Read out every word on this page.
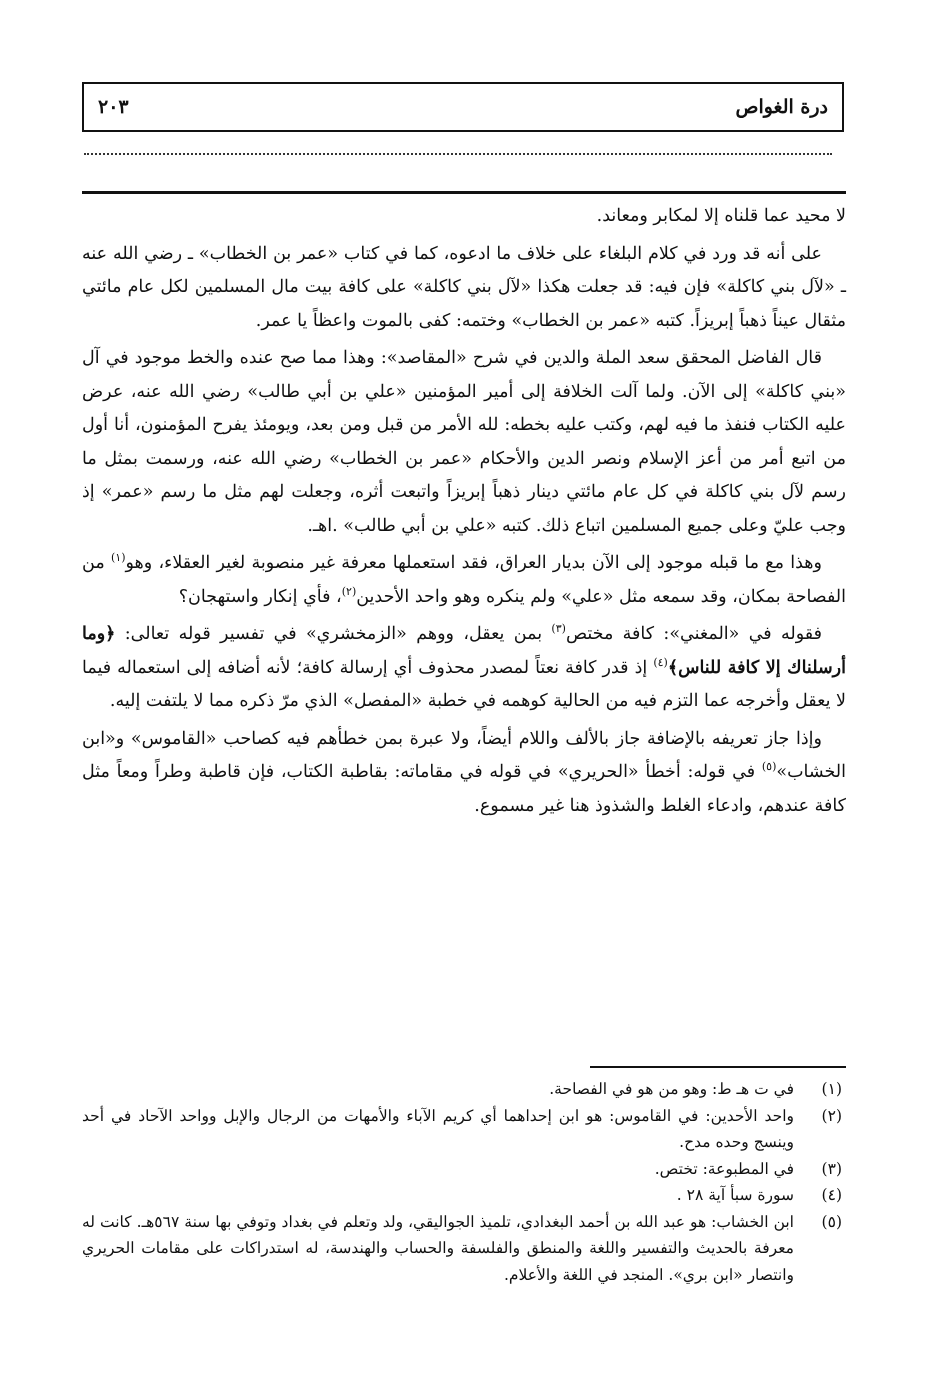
٢٠٣	درة الغواص

لا محيد عما قلناه إلا لمكابر ومعاند.

على أنه قد ورد في كلام البلغاء على خلاف ما ادعوه، كما في كتاب «عمر بن الخطاب» ـ رضي الله عنه ـ «لآل بني كاكلة» فإن فيه: قد جعلت هكذا «لآل بني كاكلة» على كافة بيت مال المسلمين لكل عام مائتي مثقال عيناً ذهباً إبريزاً. كتبه «عمر بن الخطاب» وختمه: كفى بالموت واعظاً يا عمر.

قال الفاضل المحقق سعد الملة والدين في شرح «المقاصد»: وهذا مما صح عنده والخط موجود في آل «بني كاكلة» إلى الآن. ولما آلت الخلافة إلى أمير المؤمنين «علي بن أبي طالب» رضي الله عنه، عرض عليه الكتاب فنفذ ما فيه لهم، وكتب عليه بخطه: لله الأمر من قبل ومن بعد، ويومئذ يفرح المؤمنون، أنا أول من اتبع أمر من أعز الإسلام ونصر الدين والأحكام «عمر بن الخطاب» رضي الله عنه، ورسمت بمثل ما رسم لآل بني كاكلة في كل عام مائتي دينار ذهباً إبريزاً واتبعت أثره، وجعلت لهم مثل ما رسم «عمر» إذ وجب عليّ وعلى جميع المسلمين اتباع ذلك. كتبه «علي بن أبي طالب» .اهـ.

وهذا مع ما قبله موجود إلى الآن بديار العراق، فقد استعملها معرفة غير منصوبة لغير العقلاء، وهو$^{(١)}$ من الفصاحة بمكان، وقد سمعه مثل «علي» ولم ينكره وهو واحد الأحدين$^{(٢)}$، فأي إنكار واستهجان؟

فقوله في «المغني»: كافة مختص$^{(٣)}$ بمن يعقل، ووهم «الزمخشري» في تفسير قوله تعالى: ﴿وما أرسلناك إلا كافة للناس﴾$^{(٤)}$ إذ قدر كافة نعتاً لمصدر محذوف أي إرسالة كافة؛ لأنه أضافه إلى استعماله فيما لا يعقل وأخرجه عما التزم فيه من الحالية كوهمه في خطبة «المفصل» الذي مرّ ذكره مما لا يلتفت إليه.

وإذا جاز تعريفه بالإضافة جاز بالألف واللام أيضاً، ولا عبرة بمن خطأهم فيه كصاحب «القاموس» و«ابن الخشاب»$^{(٥)}$ في قوله: أخطأ «الحريري» في قوله في مقاماته: بقاطبة الكتاب، فإن قاطبة وطراً ومعاً مثل كافة عندهم، وادعاء الغلط والشذوذ هنا غير مسموع.

(١)
في ت هـ ط: وهو من هو في الفصاحة.
(٢)
واحد الأحدين: في القاموس: هو ابن إحداهما أي كريم الآباء والأمهات من الرجال والإبل وواحد الآحاد في أحد وينسج وحده مدح.
(٣)
في المطبوعة: تختص.
(٤)
سورة سبأ آية ٢٨ .
(٥)
ابن الخشاب: هو عبد الله بن أحمد البغدادي، تلميذ الجواليقي، ولد وتعلم في بغداد وتوفي بها سنة ٥٦٧هـ. كانت له معرفة بالحديث والتفسير واللغة والمنطق والفلسفة والحساب والهندسة، له استدراكات على مقامات الحريري وانتصار «ابن بري». المنجد في اللغة والأعلام.
